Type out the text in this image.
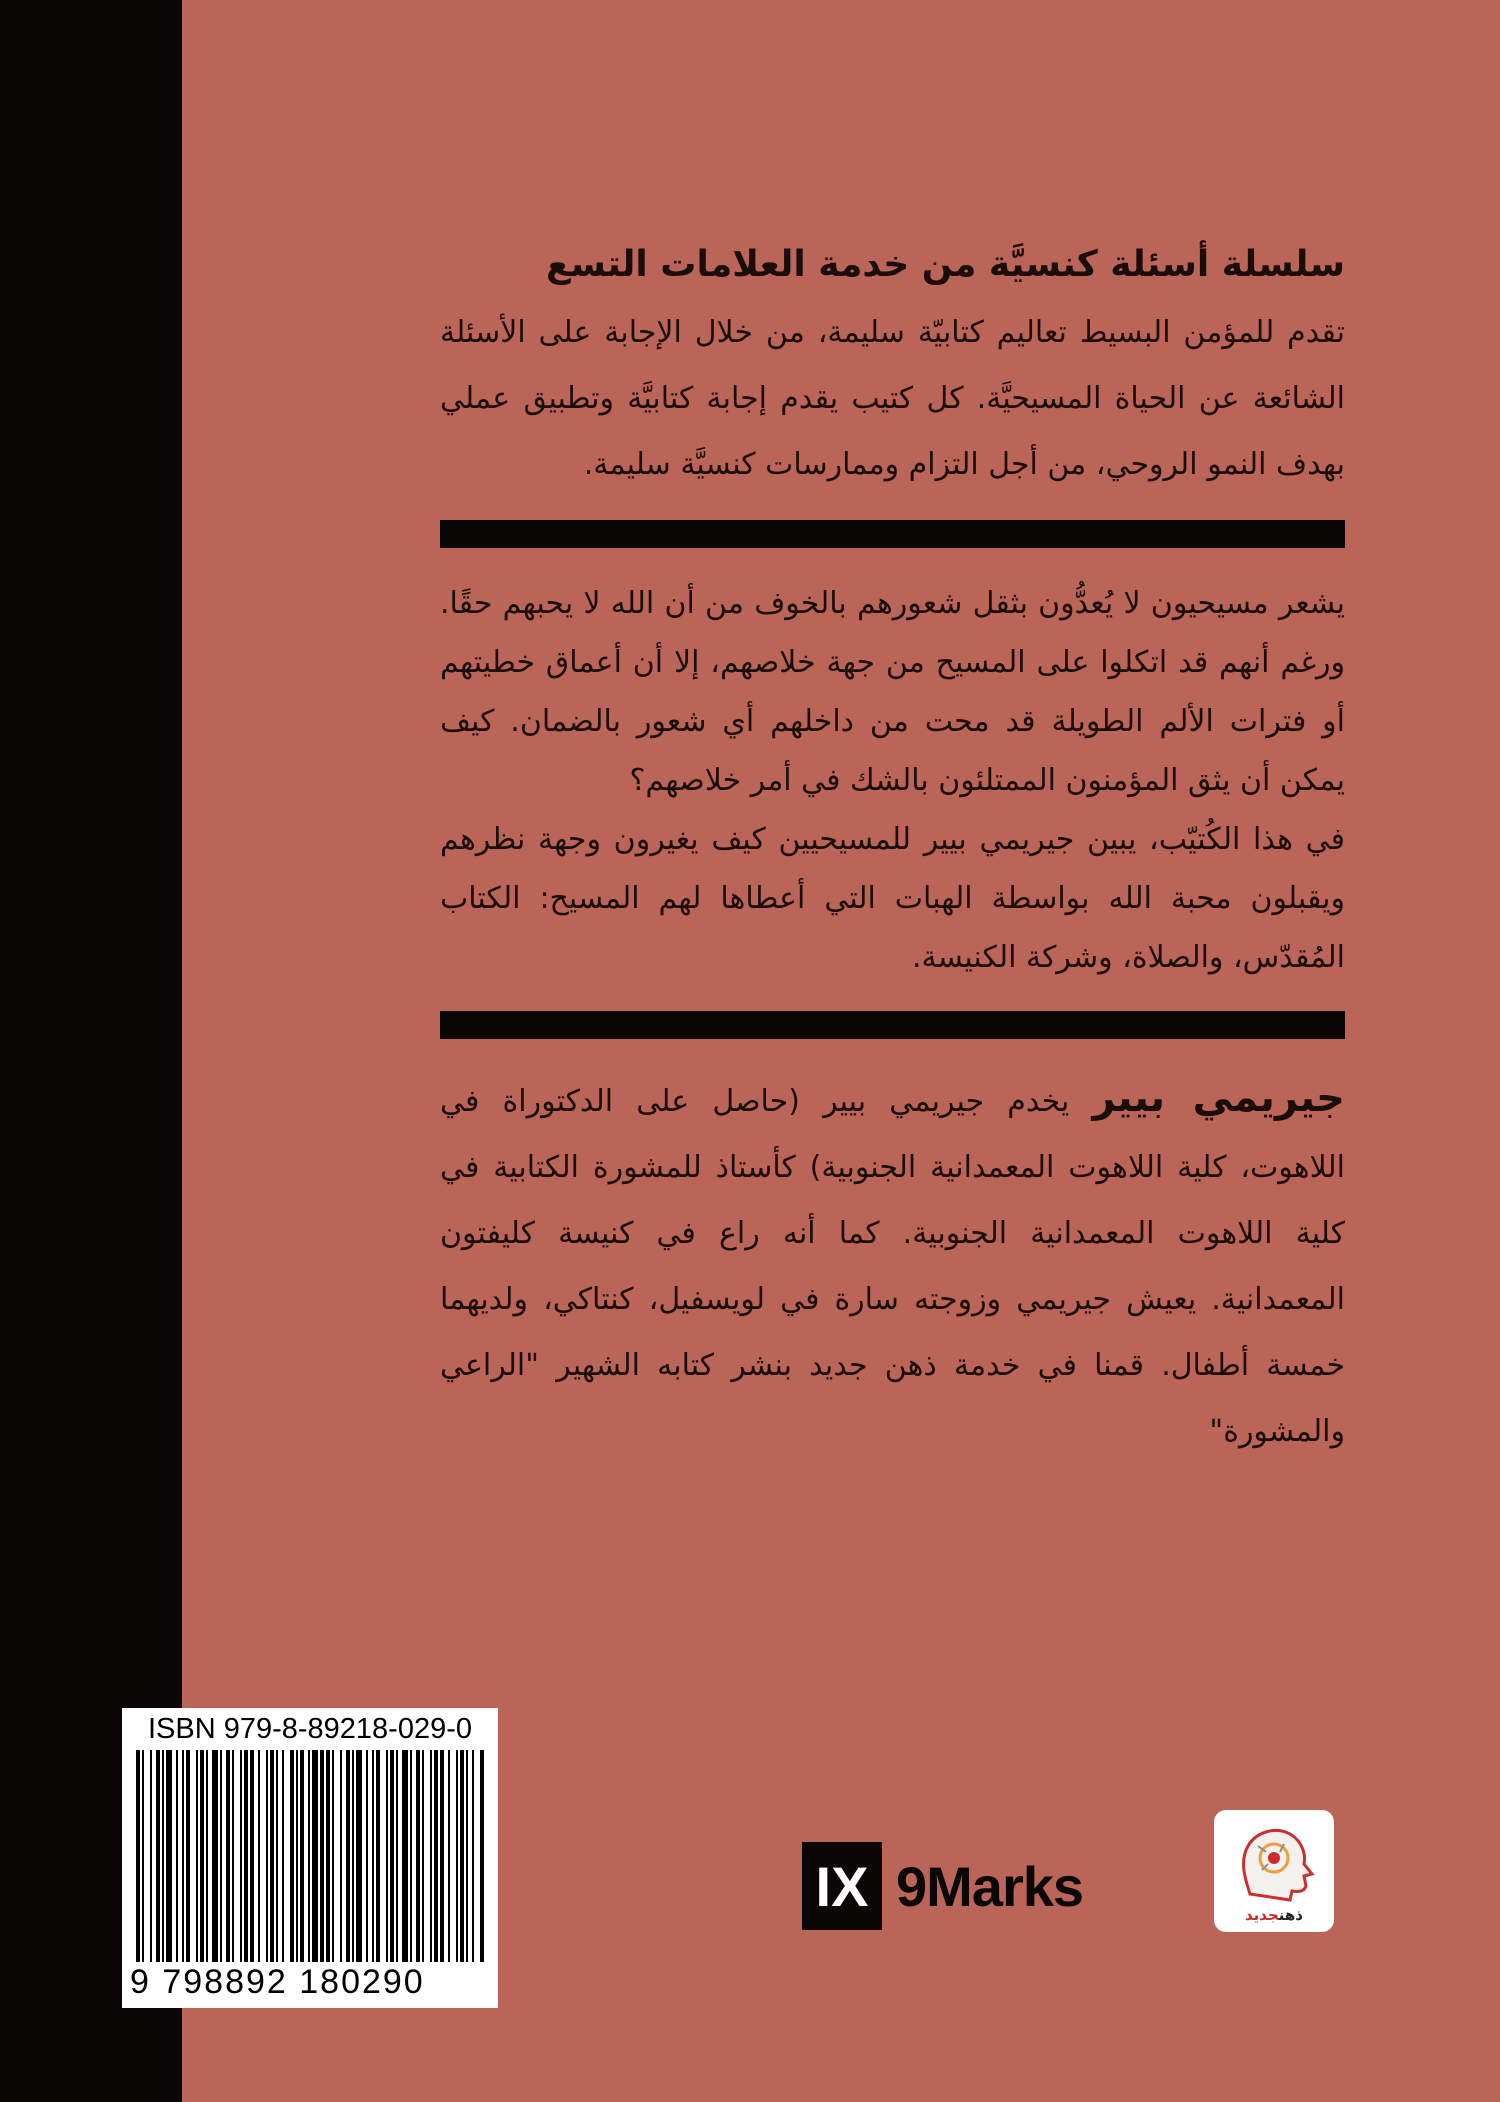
سلسلة أسئلة كنسيَّة من خدمة العلامات التسع

تقدم للمؤمن البسيط تعاليم كتابيّة سليمة، من خلال الإجابة على الأسئلة الشائعة عن الحياة المسيحيَّة. كل كتيب يقدم إجابة كتابيَّة وتطبيق عملي بهدف النمو الروحي، من أجل التزام وممارسات كنسيَّة سليمة.

يشعر مسيحيون لا يُعدُّون بثقل شعورهم بالخوف من أن الله لا يحبهم حقًا. ورغم أنهم قد اتكلوا على المسيح من جهة خلاصهم، إلا أن أعماق خطيتهم أو فترات الألم الطويلة قد محت من داخلهم أي شعور بالضمان. كيف يمكن أن يثق المؤمنون الممتلئون بالشك في أمر خلاصهم؟

في هذا الكُتيّب، يبين جيريمي بيير للمسيحيين كيف يغيرون وجهة نظرهم ويقبلون محبة الله بواسطة الهبات التي أعطاها لهم المسيح: الكتاب المُقدّس، والصلاة، وشركة الكنيسة.

جيريمي بيير يخدم جيريمي بيير (حاصل على الدكتوراة في اللاهوت، كلية اللاهوت المعمدانية الجنوبية) كأستاذ للمشورة الكتابية في كلية اللاهوت المعمدانية الجنوبية. كما أنه راع في كنيسة كليفتون المعمدانية. يعيش جيريمي وزوجته سارة في لويسفيل، كنتاكي، ولديهما خمسة أطفال. قمنا في خدمة ذهن جديد بنشر كتابه الشهير "الراعي والمشورة"

ISBN 979-8-89218-029-0
9 798892 180290
IX 9Marks	ذهنجديد
